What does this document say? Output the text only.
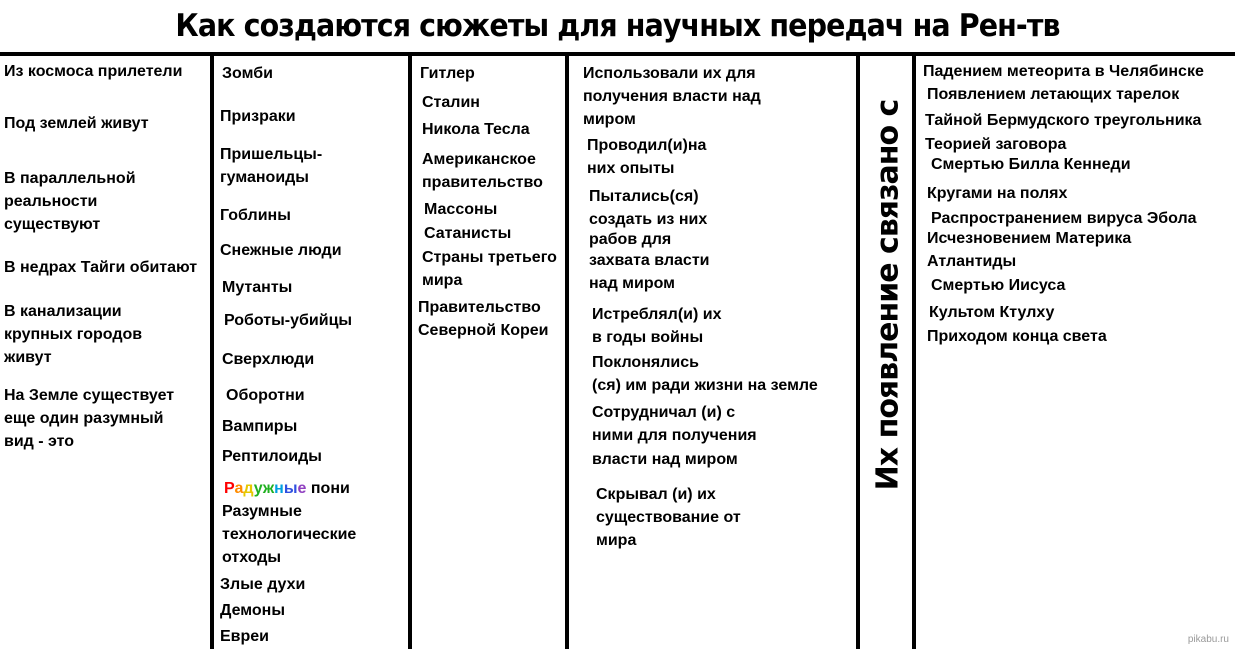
Как создаются сюжеты для научных передач на Рен-тв
Из космоса прилетели
Под землей живут
В параллельной
реальности
существуют
В недрах Тайги обитают
В канализации
крупных городов
живут
На Земле существует
еще один разумный
вид - это
Зомби
Призраки
Пришельцы-
гуманоиды
Гоблины
Снежные люди
Мутанты
Роботы-убийцы
Сверхлюди
Оборотни
Вампиры
Рептилоиды
Радужные пони
Разумные
технологические
отходы
Злые духи
Демоны
Евреи
Гитлер
Сталин
Никола Тесла
Американское
правительство
Массоны
Сатанисты
Страны третьего
мира
Правительство
Северной Кореи
Использовали их для
получения власти над
миром
Проводил(и)на
них опыты
Пытались(ся)
создать из них
рабов для
захвата власти
над миром
Истреблял(и) их
в годы войны
Поклонялись
(ся) им ради жизни на земле
Сотрудничал (и) с
ними для получения
власти над миром
Скрывал (и) их
существование от
мира
Их появление связано с
Падением метеорита в Челябинске
Появлением летающих тарелок
Тайной Бермудского треугольника
Теорией заговора
Смертью Билла Кеннеди
Кругами на полях
Распространением вируса Эбола
Исчезновением Материка
Атлантиды
Смертью Иисуса
Культом Ктулху
Приходом конца света
pikabu.ru
